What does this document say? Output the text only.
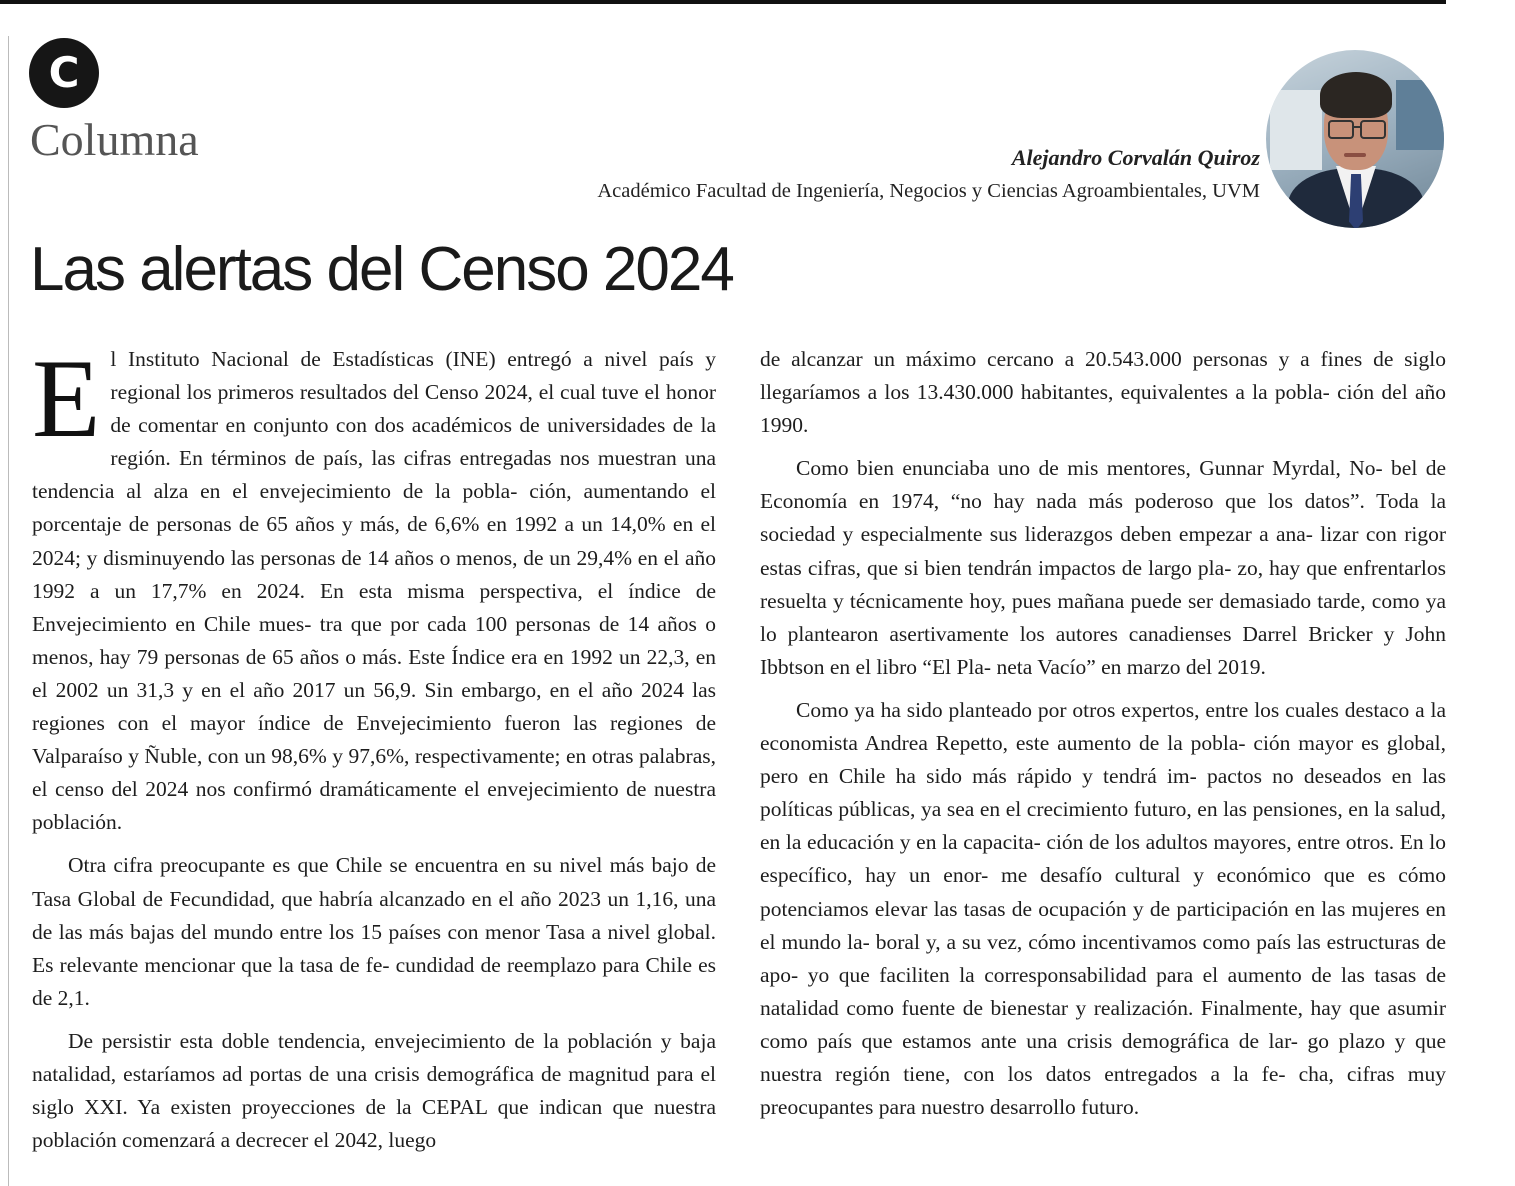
C
Columna	Alejandro Corvalán Quiroz
Académico Facultad de Ingeniería, Negocios y Ciencias Agroambientales, UVM
Las alertas del Censo 2024

El Instituto Nacional de Estadísticas (INE) entregó a nivel país y regional los primeros resultados del Censo 2024, el cual tuve el honor de comentar en conjunto con dos académicos de universidades de la región. En términos de país, las cifras entregadas nos muestran una tendencia al alza en el envejecimiento de la pobla- ción, aumentando el porcentaje de personas de 65 años y más, de 6,6% en 1992 a un 14,0% en el 2024; y disminuyendo las personas de 14 años o menos, de un 29,4% en el año 1992 a un 17,7% en 2024. En esta misma perspectiva, el índice de Envejecimiento en Chile mues- tra que por cada 100 personas de 14 años o menos, hay 79 personas de 65 años o más. Este Índice era en 1992 un 22,3, en el 2002 un 31,3 y en el año 2017 un 56,9. Sin embargo, en el año 2024 las regiones con el mayor índice de Envejecimiento fueron las regiones de Valparaíso y Ñuble, con un 98,6% y 97,6%, respectivamente; en otras palabras, el censo del 2024 nos confirmó dramáticamente el envejecimiento de nuestra población.

Otra cifra preocupante es que Chile se encuentra en su nivel más bajo de Tasa Global de Fecundidad, que habría alcanzado en el año 2023 un 1,16, una de las más bajas del mundo entre los 15 países con menor Tasa a nivel global. Es relevante mencionar que la tasa de fe- cundidad de reemplazo para Chile es de 2,1.

De persistir esta doble tendencia, envejecimiento de la población y baja natalidad, estaríamos ad portas de una crisis demográfica de magnitud para el siglo XXI. Ya existen proyecciones de la CEPAL que indican que nuestra población comenzará a decrecer el 2042, luego

de alcanzar un máximo cercano a 20.543.000 personas y a fines de siglo llegaríamos a los 13.430.000 habitantes, equivalentes a la pobla- ción del año 1990.

Como bien enunciaba uno de mis mentores, Gunnar Myrdal, No- bel de Economía en 1974, “no hay nada más poderoso que los datos”. Toda la sociedad y especialmente sus liderazgos deben empezar a ana- lizar con rigor estas cifras, que si bien tendrán impactos de largo pla- zo, hay que enfrentarlos resuelta y técnicamente hoy, pues mañana puede ser demasiado tarde, como ya lo plantearon asertivamente los autores canadienses Darrel Bricker y John Ibbtson en el libro “El Pla- neta Vacío” en marzo del 2019.

Como ya ha sido planteado por otros expertos, entre los cuales destaco a la economista Andrea Repetto, este aumento de la pobla- ción mayor es global, pero en Chile ha sido más rápido y tendrá im- pactos no deseados en las políticas públicas, ya sea en el crecimiento futuro, en las pensiones, en la salud, en la educación y en la capacita- ción de los adultos mayores, entre otros. En lo específico, hay un enor- me desafío cultural y económico que es cómo potenciamos elevar las tasas de ocupación y de participación en las mujeres en el mundo la- boral y, a su vez, cómo incentivamos como país las estructuras de apo- yo que faciliten la corresponsabilidad para el aumento de las tasas de natalidad como fuente de bienestar y realización. Finalmente, hay que asumir como país que estamos ante una crisis demográfica de lar- go plazo y que nuestra región tiene, con los datos entregados a la fe- cha, cifras muy preocupantes para nuestro desarrollo futuro.
